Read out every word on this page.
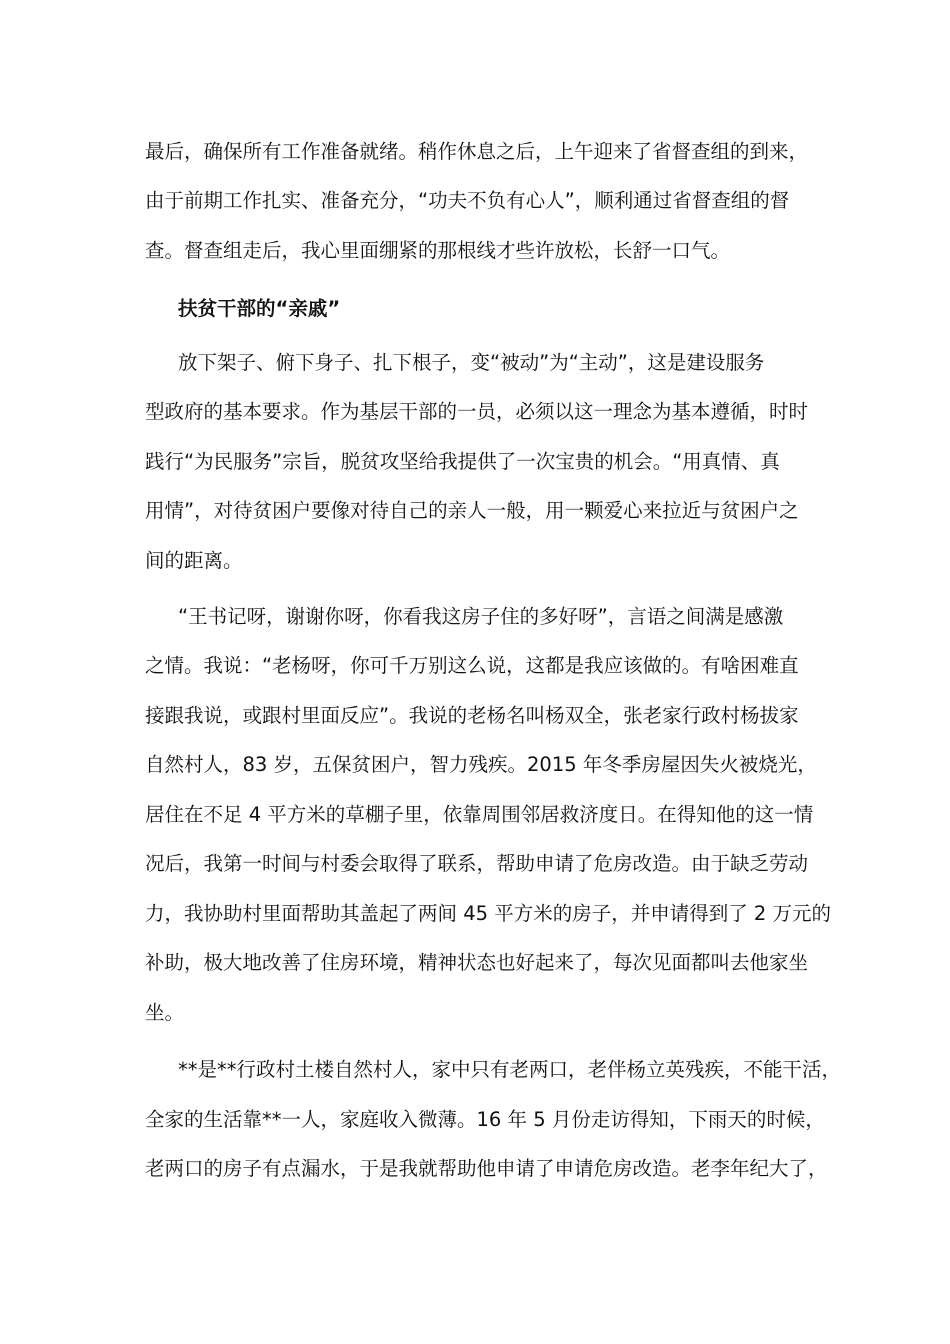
最后，确保所有工作准备就绪。稍作休息之后，上午迎来了省督查组的到来，
由于前期工作扎实、准备充分，“功夫不负有心人”，顺利通过省督查组的督
查。督查组走后，我心里面绷紧的那根线才些许放松，长舒一口气。
扶贫干部的“亲戚”
放下架子、俯下身子、扎下根子，变“被动”为“主动”，这是建设服务
型政府的基本要求。作为基层干部的一员，必须以这一理念为基本遵循，时时
践行“为民服务”宗旨，脱贫攻坚给我提供了一次宝贵的机会。“用真情、真
用情”，对待贫困户要像对待自己的亲人一般，用一颗爱心来拉近与贫困户之
间的距离。
“王书记呀，谢谢你呀，你看我这房子住的多好呀”，言语之间满是感激
之情。我说：“老杨呀，你可千万别这么说，这都是我应该做的。有啥困难直
接跟我说，或跟村里面反应”。我说的老杨名叫杨双全，张老家行政村杨拔家
自然村人，83 岁，五保贫困户，智力残疾。2015 年冬季房屋因失火被烧光，
居住在不足 4 平方米的草棚子里，依靠周围邻居救济度日。在得知他的这一情
况后，我第一时间与村委会取得了联系，帮助申请了危房改造。由于缺乏劳动
力，我协助村里面帮助其盖起了两间 45 平方米的房子，并申请得到了 2 万元的
补助，极大地改善了住房环境，精神状态也好起来了，每次见面都叫去他家坐
坐。
**是**行政村土楼自然村人，家中只有老两口，老伴杨立英残疾，不能干活，
全家的生活靠**一人，家庭收入微薄。16 年 5 月份走访得知，下雨天的时候，
老两口的房子有点漏水，于是我就帮助他申请了申请危房改造。老李年纪大了，
